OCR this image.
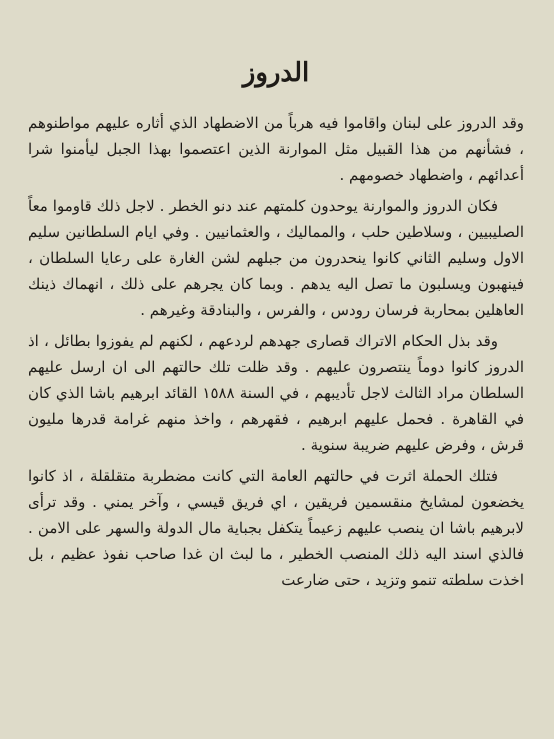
الدروز

وقد الدروز على لبنان واقاموا فيه هرباً من الاضطهاد الذي أثاره عليهم مواطنوهم ، فشأنهم من هذا القبيل مثل الموارنة الذين اعتصموا بهذا الجبل ليأمنوا شرا أعدائهم ، واضطهاد خصومهم .

فكان الدروز والموارنة يوحدون كلمتهم عند دنو الخطر . لاجل ذلك قاوموا معاً الصليبيين ، وسلاطين حلب ، والمماليك ، والعثمانيين . وفي ايام السلطانين سليم الاول وسليم الثاني كانوا ينحدرون من جبلهم لشن الغارة على رعايا السلطان ، فينهبون ويسلبون ما تصل اليه يدهم . وبما كان يجرهم على ذلك ، انهماك ذينك العاهلين بمحاربة فرسان رودس ، والفرس ، والبنادقة وغيرهم .

وقد بذل الحكام الاتراك قصارى جهدهم لردعهم ، لكنهم لم يفوزوا بطائل ، اذ الدروز كانوا دوماً ينتصرون عليهم . وقد ظلت تلك حالتهم الى ان ارسل عليهم السلطان مراد الثالث لاجل تأديبهم ، في السنة ١٥٨٨ القائد ابرهيم باشا الذي كان في القاهرة . فحمل عليهم ابرهيم ، فقهرهم ، واخذ منهم غرامة قدرها مليون قرش ، وفرض عليهم ضريبة سنوية .

فتلك الحملة اثرت في حالتهم العامة التي كانت مضطربة متقلقلة ، اذ كانوا يخضعون لمشايخ منقسمين فريقين ، اي فريق قيسي ، وآخر يمني . وقد ترأى لابرهيم باشا ان ينصب عليهم زعيماً يتكفل بجباية مال الدولة والسهر على الامن . فالذي اسند اليه ذلك المنصب الخطير ، ما لبث ان غدا صاحب نفوذ عظيم ، بل اخذت سلطته تنمو وتزيد ، حتى ضارعت
